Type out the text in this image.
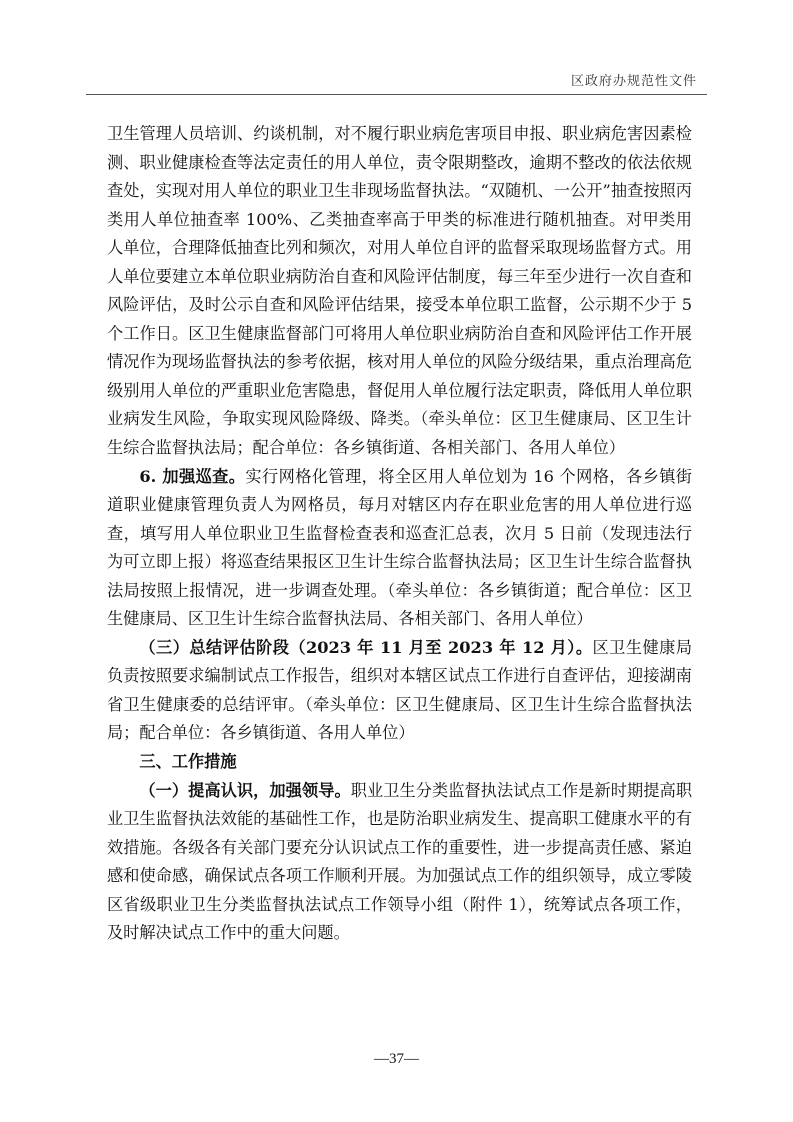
区政府办规范性文件

卫生管理人员培训、约谈机制，对不履行职业病危害项目申报、职业病危害因素检测、职业健康检查等法定责任的用人单位，责令限期整改，逾期不整改的依法依规查处，实现对用人单位的职业卫生非现场监督执法。“双随机、一公开”抽查按照丙类用人单位抽查率 100%、乙类抽查率高于甲类的标准进行随机抽查。对甲类用人单位，合理降低抽查比列和频次，对用人单位自评的监督采取现场监督方式。用人单位要建立本单位职业病防治自查和风险评估制度，每三年至少进行一次自查和风险评估，及时公示自查和风险评估结果，接受本单位职工监督，公示期不少于 5 个工作日。区卫生健康监督部门可将用人单位职业病防治自查和风险评估工作开展情况作为现场监督执法的参考依据，核对用人单位的风险分级结果，重点治理高危级别用人单位的严重职业危害隐患，督促用人单位履行法定职责，降低用人单位职业病发生风险，争取实现风险降级、降类。（牵头单位：区卫生健康局、区卫生计生综合监督执法局；配合单位：各乡镇街道、各相关部门、各用人单位）

6. 加强巡查。实行网格化管理，将全区用人单位划为 16 个网格，各乡镇街道职业健康管理负责人为网格员，每月对辖区内存在职业危害的用人单位进行巡查，填写用人单位职业卫生监督检查表和巡查汇总表，次月 5 日前（发现违法行为可立即上报）将巡查结果报区卫生计生综合监督执法局；区卫生计生综合监督执法局按照上报情况，进一步调查处理。（牵头单位：各乡镇街道；配合单位：区卫生健康局、区卫生计生综合监督执法局、各相关部门、各用人单位）

（三）总结评估阶段（2023 年 11 月至 2023 年 12 月）。区卫生健康局负责按照要求编制试点工作报告，组织对本辖区试点工作进行自查评估，迎接湖南省卫生健康委的总结评审。（牵头单位：区卫生健康局、区卫生计生综合监督执法局；配合单位：各乡镇街道、各用人单位）

三、工作措施

（一）提高认识，加强领导。职业卫生分类监督执法试点工作是新时期提高职业卫生监督执法效能的基础性工作，也是防治职业病发生、提高职工健康水平的有效措施。各级各有关部门要充分认识试点工作的重要性，进一步提高责任感、紧迫感和使命感，确保试点各项工作顺利开展。为加强试点工作的组织领导，成立零陵区省级职业卫生分类监督执法试点工作领导小组（附件 1），统筹试点各项工作，及时解决试点工作中的重大问题。

—37—
